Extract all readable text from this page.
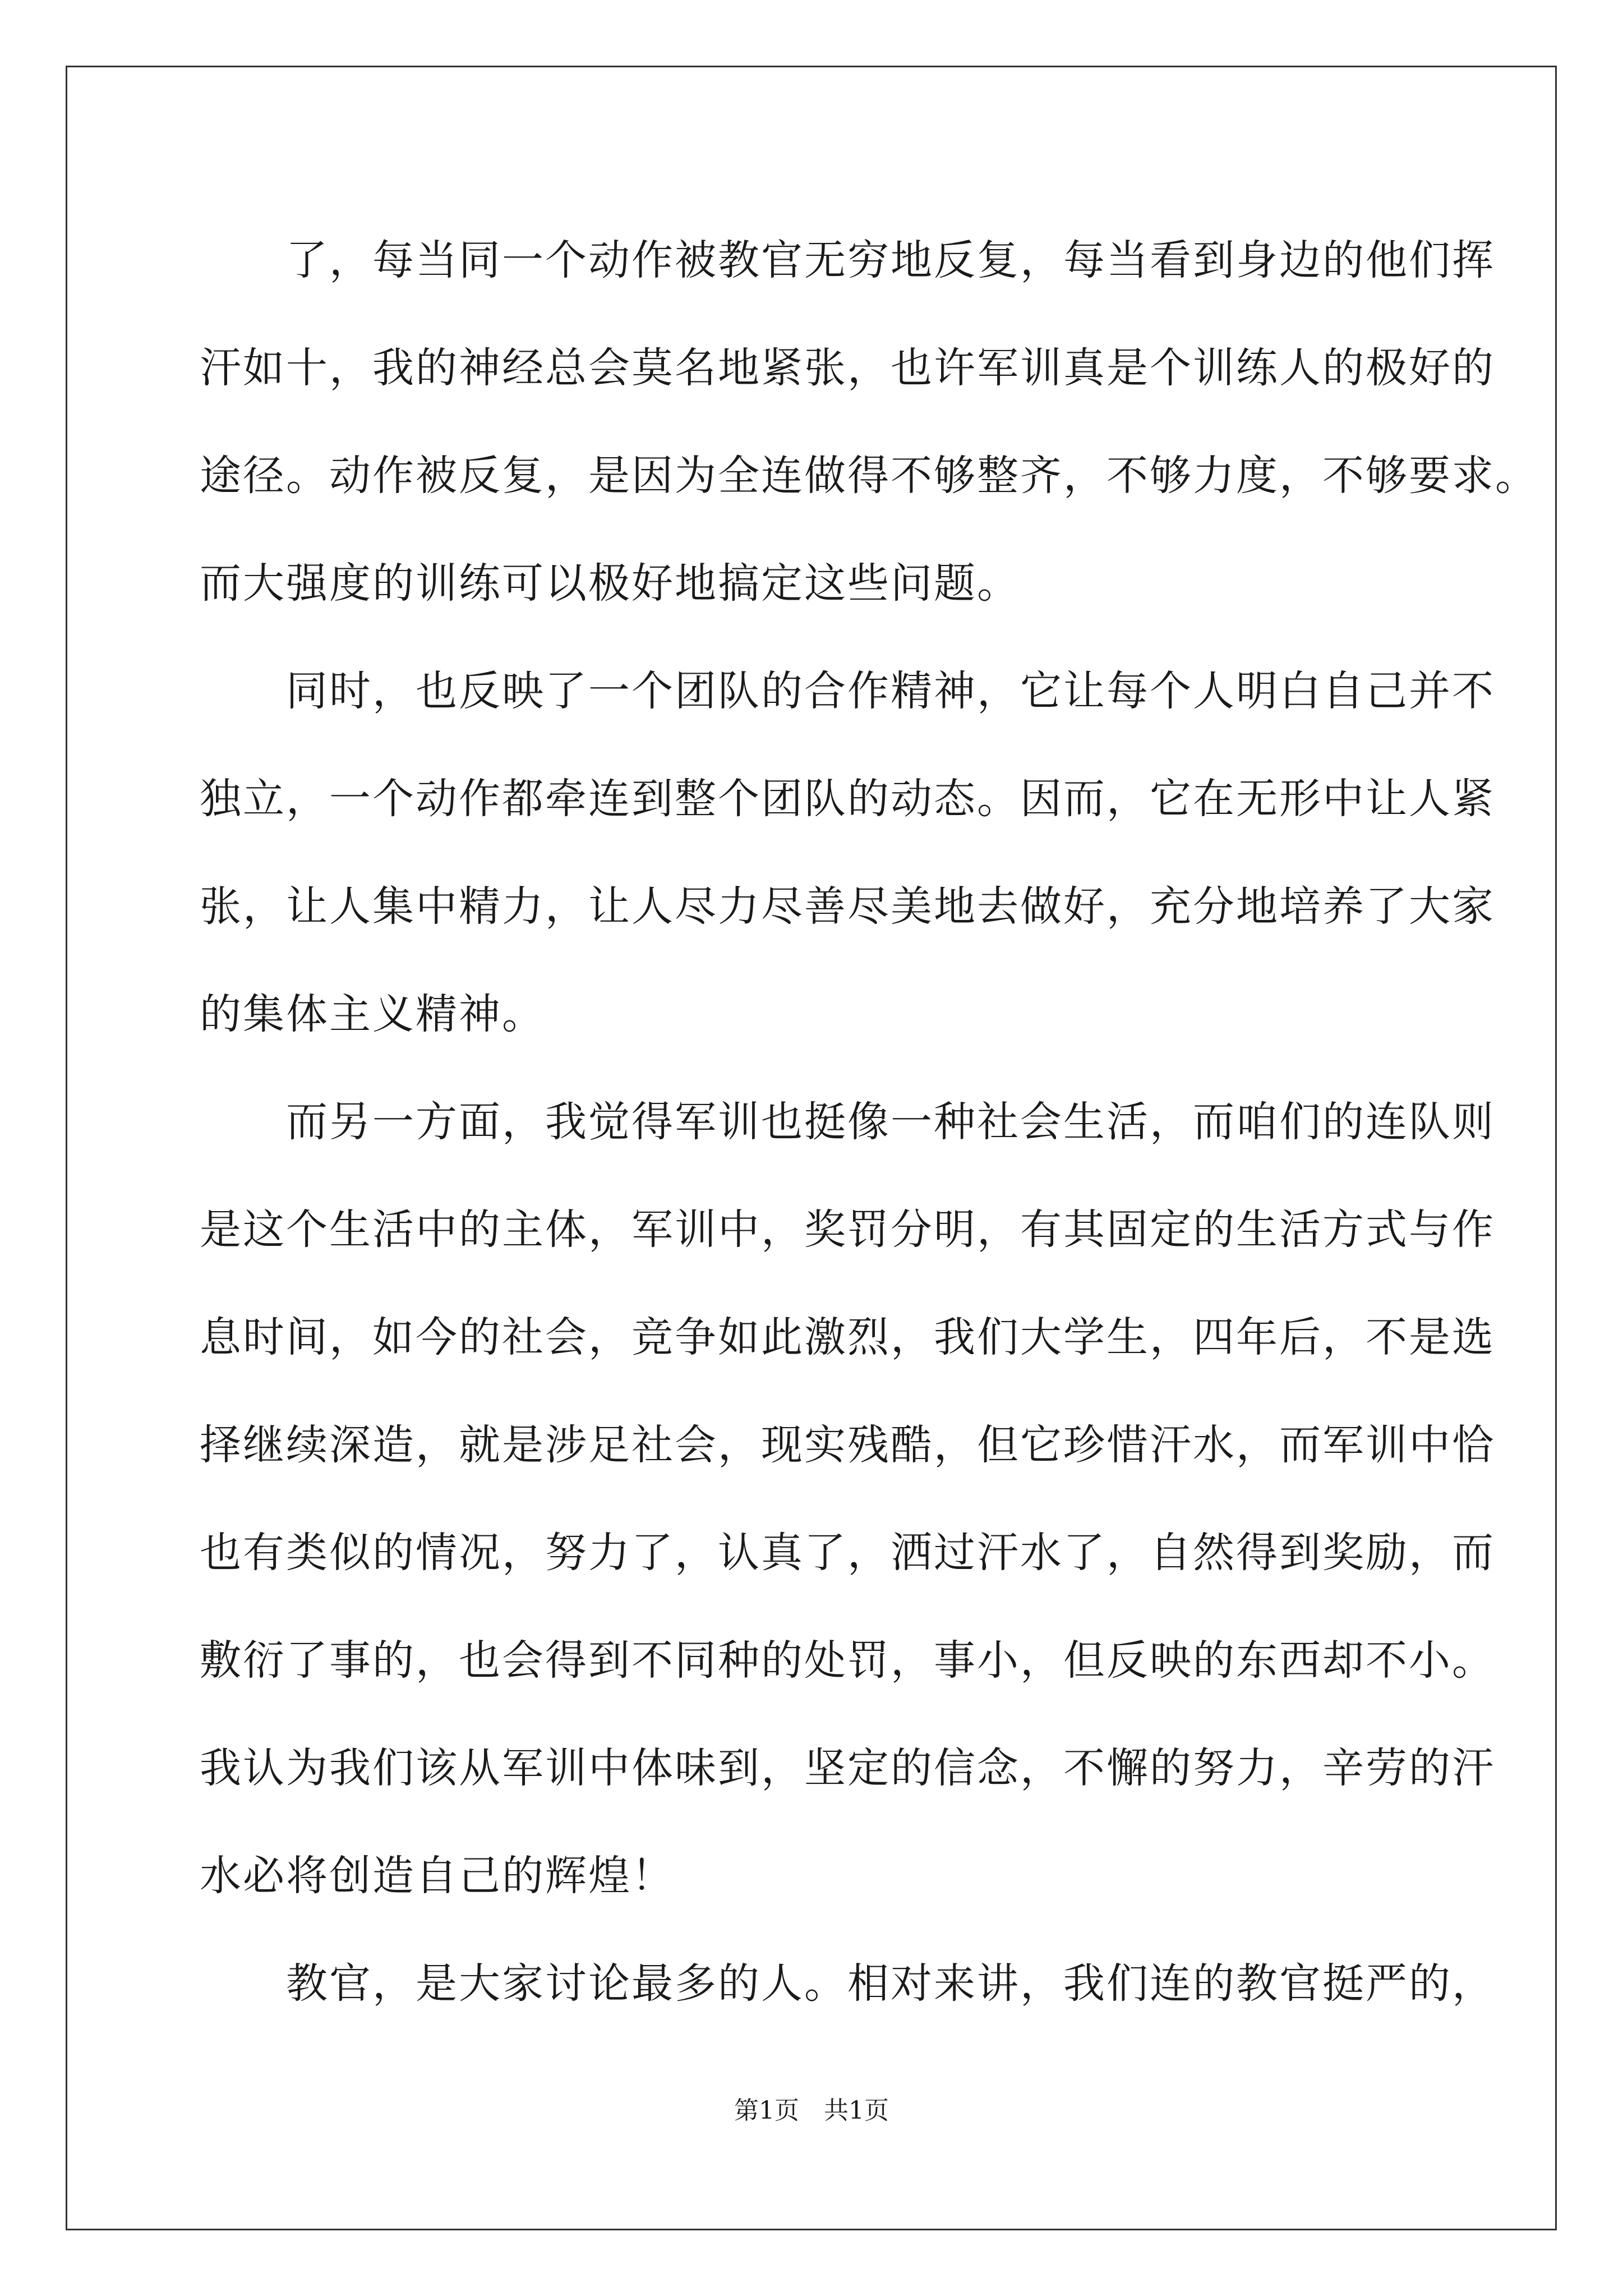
　　了，每当同一个动作被教官无穷地反复，每当看到身边的他们挥
汗如十，我的神经总会莫名地紧张，也许军训真是个训练人的极好的
途径。动作被反复，是因为全连做得不够整齐，不够力度，不够要求。
而大强度的训练可以极好地搞定这些问题。
　　同时，也反映了一个团队的合作精神，它让每个人明白自己并不
独立，一个动作都牵连到整个团队的动态。因而，它在无形中让人紧
张，让人集中精力，让人尽力尽善尽美地去做好，充分地培养了大家
的集体主义精神。
　　而另一方面，我觉得军训也挺像一种社会生活，而咱们的连队则
是这个生活中的主体，军训中，奖罚分明，有其固定的生活方式与作
息时间，如今的社会，竞争如此激烈，我们大学生，四年后，不是选
择继续深造，就是涉足社会，现实残酷，但它珍惜汗水，而军训中恰
也有类似的情况，努力了，认真了，洒过汗水了，自然得到奖励，而
敷衍了事的，也会得到不同种的处罚，事小，但反映的东西却不小。
我认为我们该从军训中体味到，坚定的信念，不懈的努力，辛劳的汗
水必将创造自己的辉煌！
　　教官，是大家讨论最多的人。相对来讲，我们连的教官挺严的，
第1页　共1页
